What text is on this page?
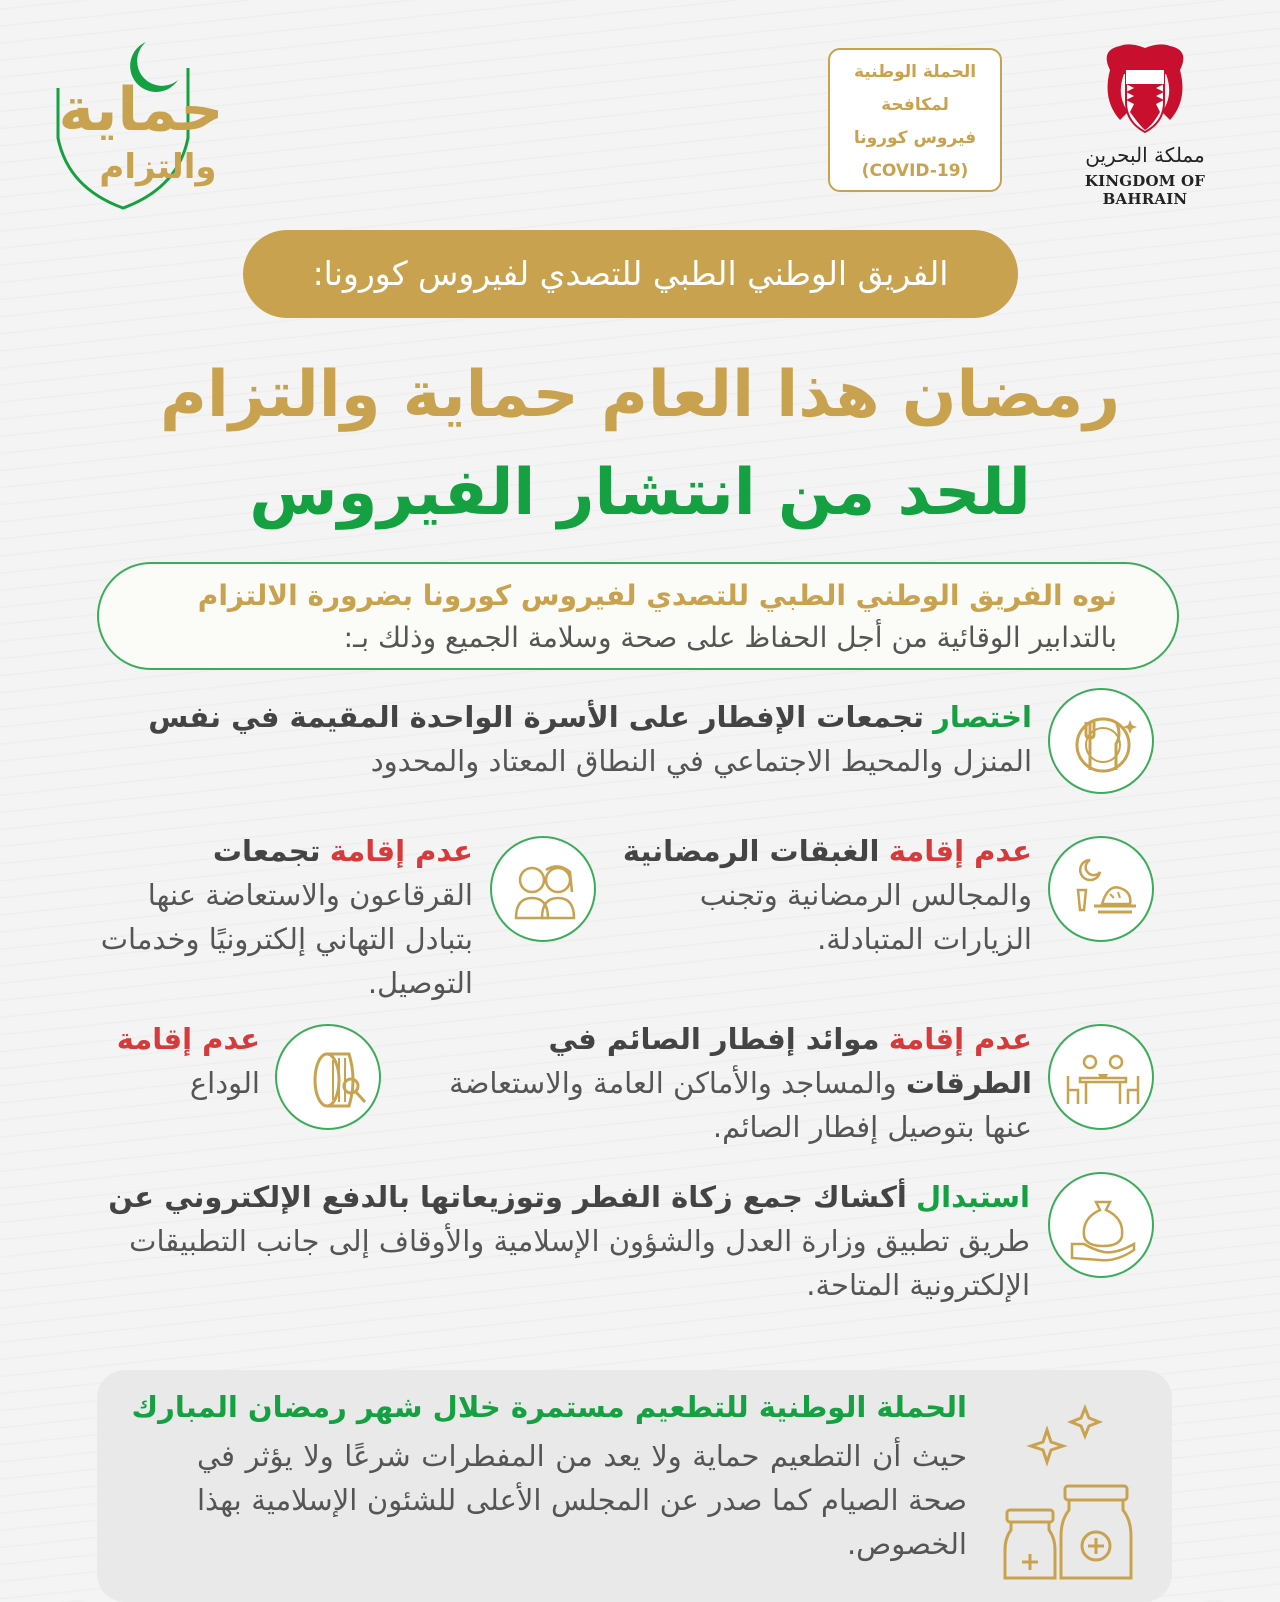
حماية
والتزام
الحملة الوطنية
لمكافحة
فيروس كورونا
(COVID-19)
مملكة البحرين
KINGDOM OF BAHRAIN
الفريق الوطني الطبي للتصدي لفيروس كورونا:
رمضان هذا العام حماية والتزام
للحد من انتشار الفيروس
نوه الفريق الوطني الطبي للتصدي لفيروس كورونا بضرورة الالتزام
بالتدابير الوقائية من أجل الحفاظ على صحة وسلامة الجميع وذلك بـ:
اختصار تجمعات الإفطار على الأسرة الواحدة المقيمة في نفس
المنزل والمحيط الاجتماعي في النطاق المعتاد والمحدود
عدم إقامة الغبقات الرمضانية
والمجالس الرمضانية وتجنب الزيارات المتبادلة.
عدم إقامة تجمعات
القرقاعون والاستعاضة عنها بتبادل التهاني إلكترونيًا وخدمات التوصيل.
عدم إقامة موائد إفطار الصائم في
الطرقات والمساجد والأماكن العامة والاستعاضة عنها بتوصيل إفطار الصائم.
عدم إقامة
الوداع
استبدال أكشاك جمع زكاة الفطر وتوزيعاتها بالدفع الإلكتروني عن
طريق تطبيق وزارة العدل والشؤون الإسلامية والأوقاف إلى جانب التطبيقات الإلكترونية المتاحة.
الحملة الوطنية للتطعيم مستمرة خلال شهر رمضان المبارك
حيث أن التطعيم حماية ولا يعد من المفطرات شرعًا ولا يؤثر في صحة الصيام كما صدر عن المجلس الأعلى للشئون الإسلامية بهذا الخصوص.
